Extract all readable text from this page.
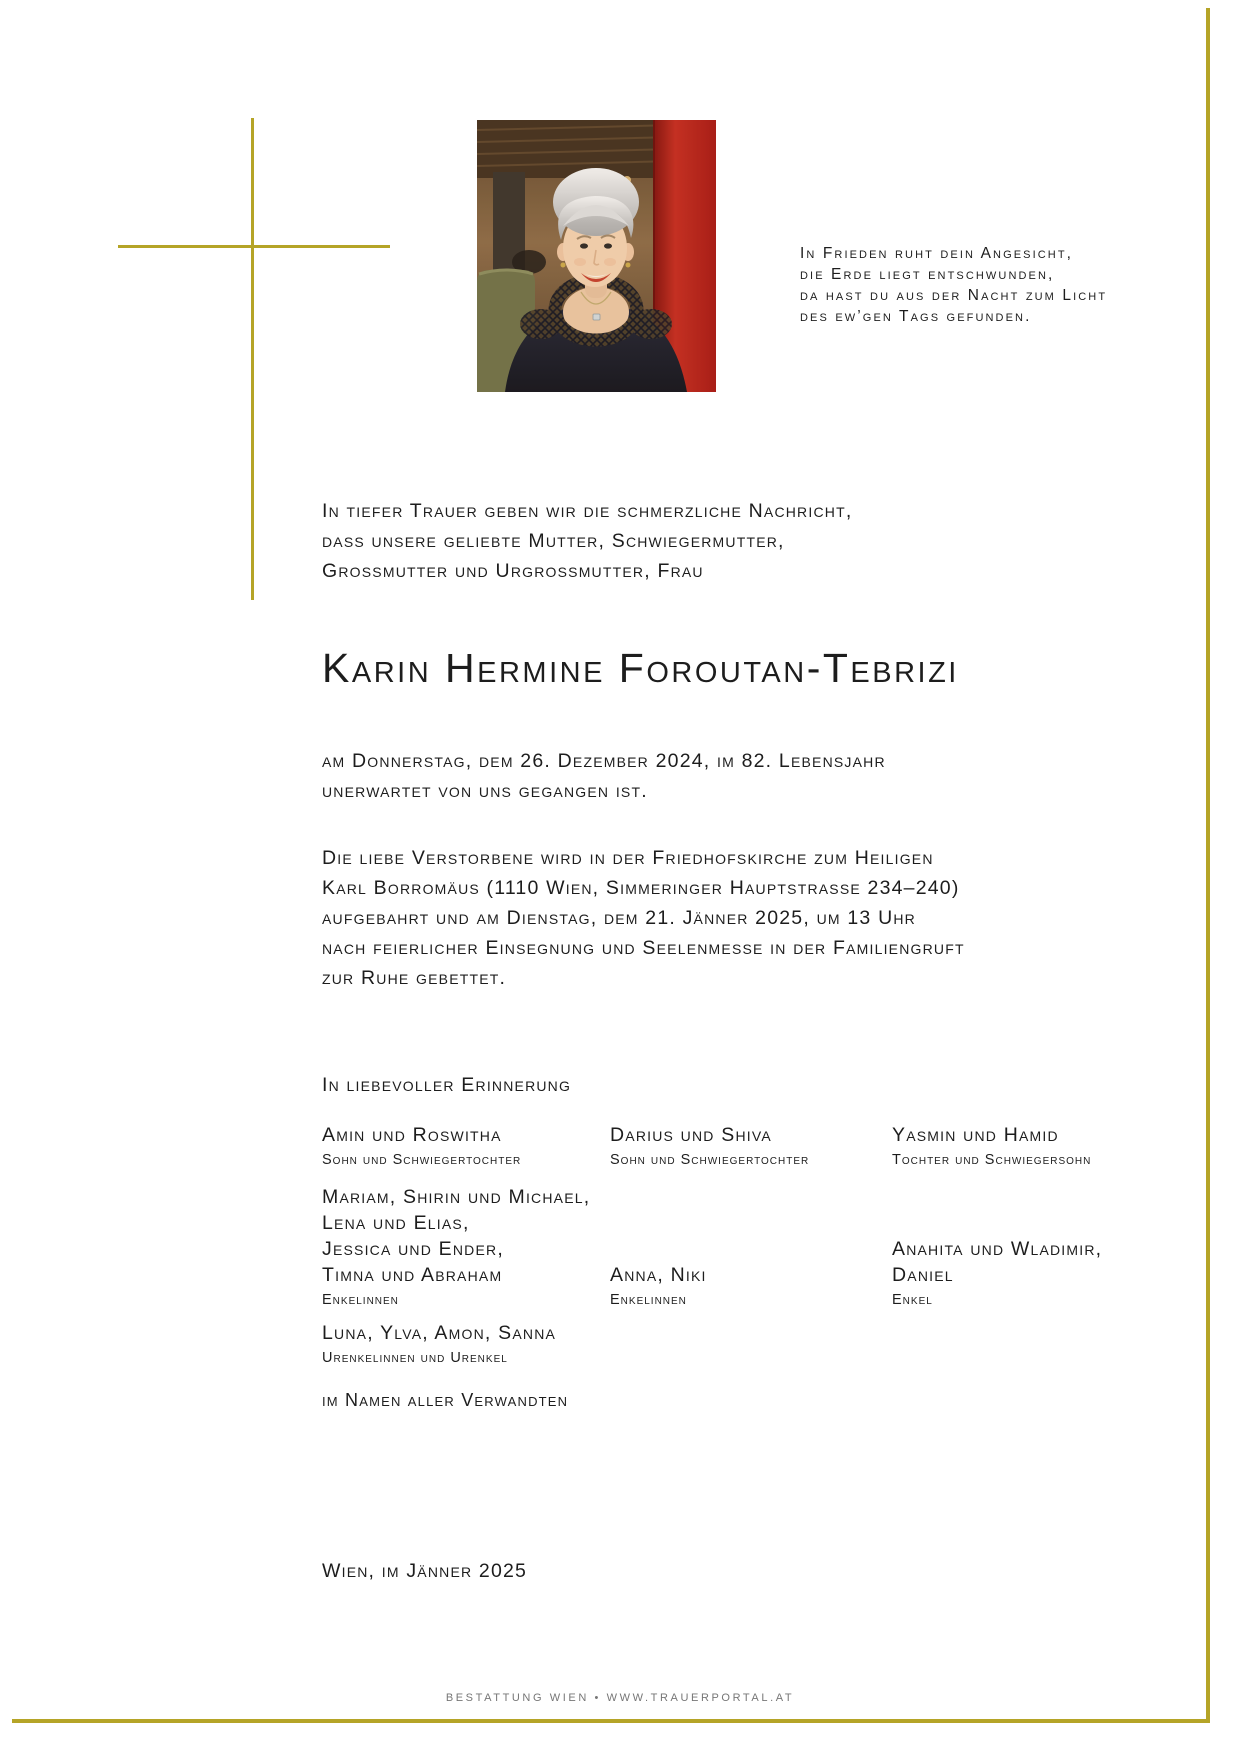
In Frieden ruht dein Angesicht,
die Erde liegt entschwunden,
da hast du aus der Nacht zum Licht
des ew’gen Tags gefunden.
In tiefer Trauer geben wir die schmerzliche Nachricht,
dass unsere geliebte Mutter, Schwiegermutter,
Grossmutter und Urgrossmutter, Frau
Karin Hermine Foroutan-Tebrizi
am Donnerstag, dem 26. Dezember 2024, im 82. Lebensjahr
unerwartet von uns gegangen ist.
Die liebe Verstorbene wird in der Friedhofskirche zum Heiligen
Karl Borromäus (1110 Wien, Simmeringer Hauptstrasse 234–240)
aufgebahrt und am Dienstag, dem 21. Jänner 2025, um 13 Uhr
nach feierlicher Einsegnung und Seelenmesse in der Familiengruft
zur Ruhe gebettet.
In liebevoller Erinnerung
Amin und Roswitha
Sohn und Schwiegertochter
Darius und Shiva
Sohn und Schwiegertochter
Yasmin und Hamid
Tochter und Schwiegersohn
Mariam, Shirin und Michael,
Lena und Elias,
Jessica und Ender,
Timna und Abraham
Enkelinnen
Anna, Niki
Enkelinnen
Anahita und Wladimir,
Daniel
Enkel
Luna, Ylva, Amon, Sanna
Urenkelinnen und Urenkel
im Namen aller Verwandten
Wien, im Jänner 2025
BESTATTUNG WIEN • WWW.TRAUERPORTAL.AT
